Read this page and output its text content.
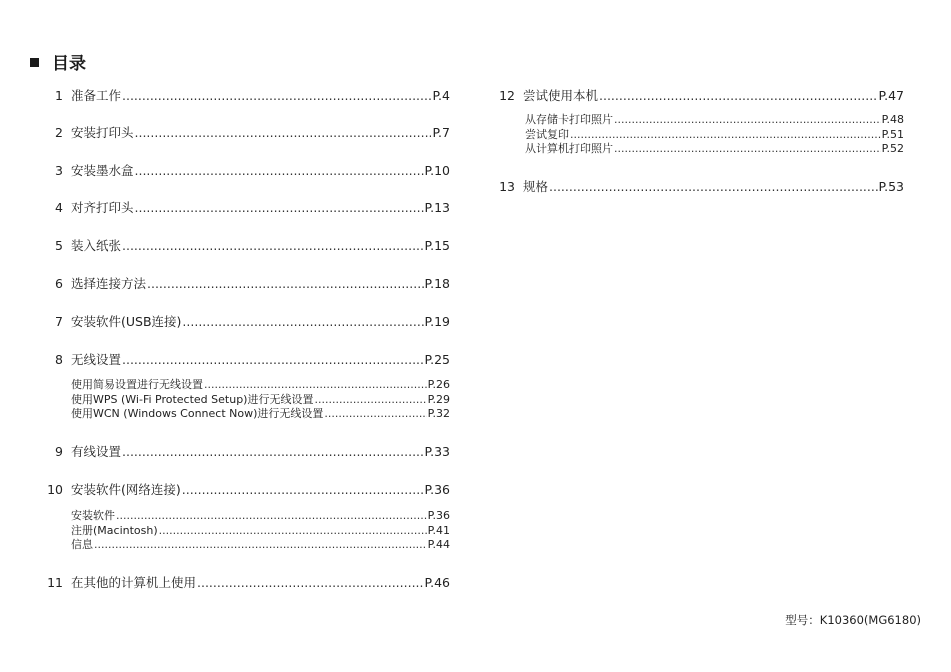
目录
1 准备工作 .....	P.4
2 安装打印头 .....	P.7
3 安装墨水盒 .....	P.10
4 对齐打印头 .....	P.13
5 装入纸张 .....	P.15
6 选择连接方法 .....	P.18
7 安装软件(USB连接) .....	P.19
8 无线设置 .....	P.25
使用简易设置进行无线设置 .....	P.26
使用WPS (Wi-Fi Protected Setup)进行无线设置 .....	P.29
使用WCN (Windows Connect Now)进行无线设置 .....	P.32
9 有线设置 .....	P.33
10 安装软件(网络连接) .....	P.36
安装软件 .....	P.36
注册(Macintosh) .....	P.41
信息 .....	P.44
11 在其他的计算机上使用 .....	P.46
12 尝试使用本机 .....	P.47
从存储卡打印照片 .....	P.48
尝试复印 .....	P.51
从计算机打印照片 .....	P.52
13 规格 .....	P.53
型号：K10360(MG6180)
